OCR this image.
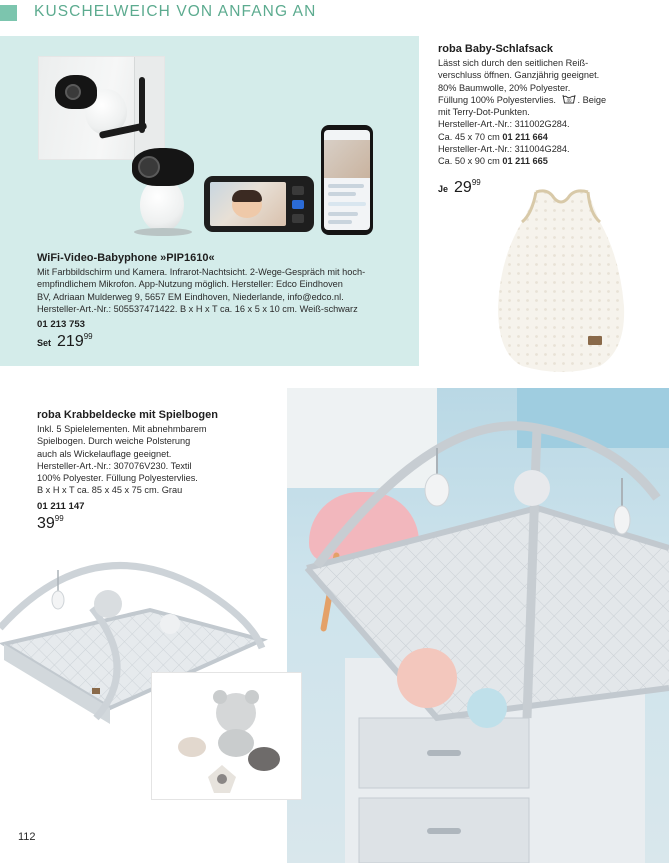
KUSCHELWEICH VON ANFANG AN
WiFi-Video-Babyphone »PIP1610«
Mit Farbbildschirm und Kamera. Infrarot-Nachtsicht. 2-Wege-Gespräch mit hoch-
empfindlichem Mikrofon. App-Nutzung möglich. Hersteller: Edco Eindhoven
BV, Adriaan Mulderweg 9, 5657 EM Eindhoven, Niederlande, info@edco.nl.
Hersteller-Art.-Nr.: 505537471422. B x H x T ca. 16 x 5 x 10 cm. Weiß-schwarz
01 213 753
Set $219^{99}$
roba Baby-Schlafsack
Lässt sich durch den seitlichen Reiß-
verschluss öffnen. Ganzjährig geeignet.
80% Baumwolle, 20% Polyester.
Füllung 100% Polyestervlies.	40 . Beige
mit Terry-Dot-Punkten.
Hersteller-Art.-Nr.: 311002G284.
Ca. 45 x 70 cm 01 211 664
Hersteller-Art.-Nr.: 311004G284.
Ca. 50 x 90 cm 01 211 665
Je $29^{99}$
roba Krabbeldecke mit Spielbogen
Inkl. 5 Spielelementen. Mit abnehmbarem
Spielbogen. Durch weiche Polsterung
auch als Wickelauflage geeignet.
Hersteller-Art.-Nr.: 307076V230. Textil
100% Polyester. Füllung Polyestervlies.
B x H x T ca. 85 x 45 x 75 cm. Grau
01 211 147
$39^{99}$
112
